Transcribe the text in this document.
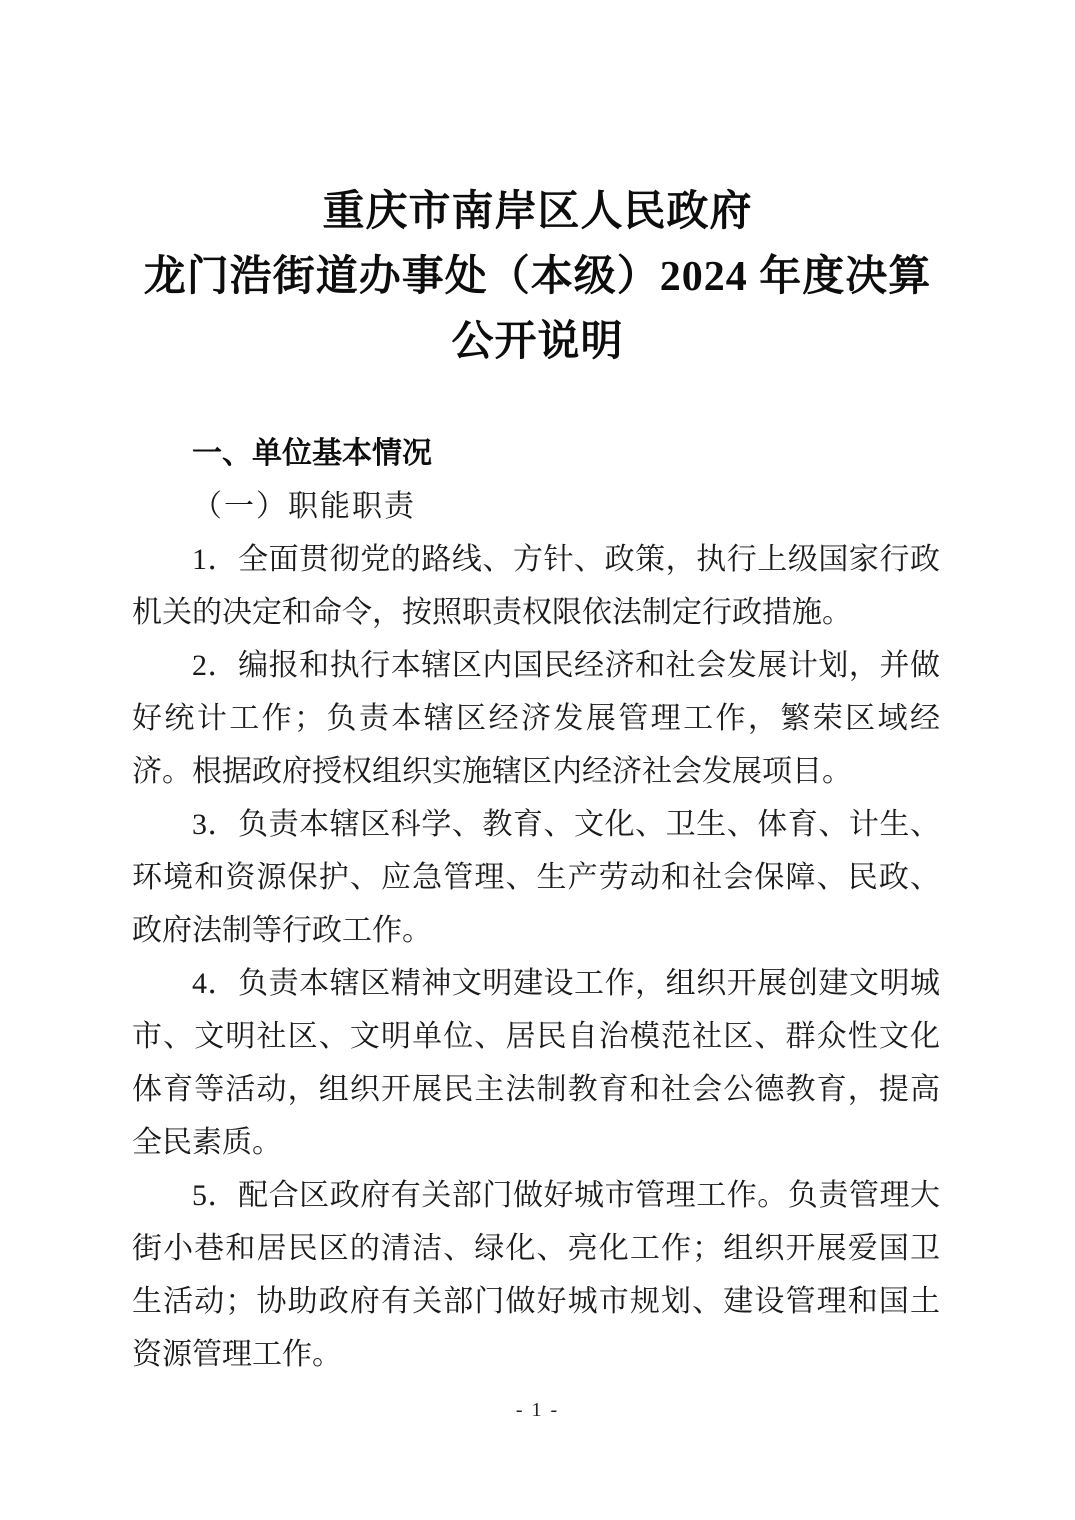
重庆市南岸区人民政府
龙门浩街道办事处（本级）2024 年度决算
公开说明
一、单位基本情况
（一）职能职责

1．全面贯彻党的路线、方针、政策，执行上级国家行政机关的决定和命令，按照职责权限依法制定行政措施。

2．编报和执行本辖区内国民经济和社会发展计划，并做好统计工作；负责本辖区经济发展管理工作，繁荣区域经济。根据政府授权组织实施辖区内经济社会发展项目。

3．负责本辖区科学、教育、文化、卫生、体育、计生、环境和资源保护、应急管理、生产劳动和社会保障、民政、政府法制等行政工作。

4．负责本辖区精神文明建设工作，组织开展创建文明城市、文明社区、文明单位、居民自治模范社区、群众性文化体育等活动，组织开展民主法制教育和社会公德教育，提高全民素质。

5．配合区政府有关部门做好城市管理工作。负责管理大街小巷和居民区的清洁、绿化、亮化工作；组织开展爱国卫生活动；协助政府有关部门做好城市规划、建设管理和国土资源管理工作。

- 1 -
